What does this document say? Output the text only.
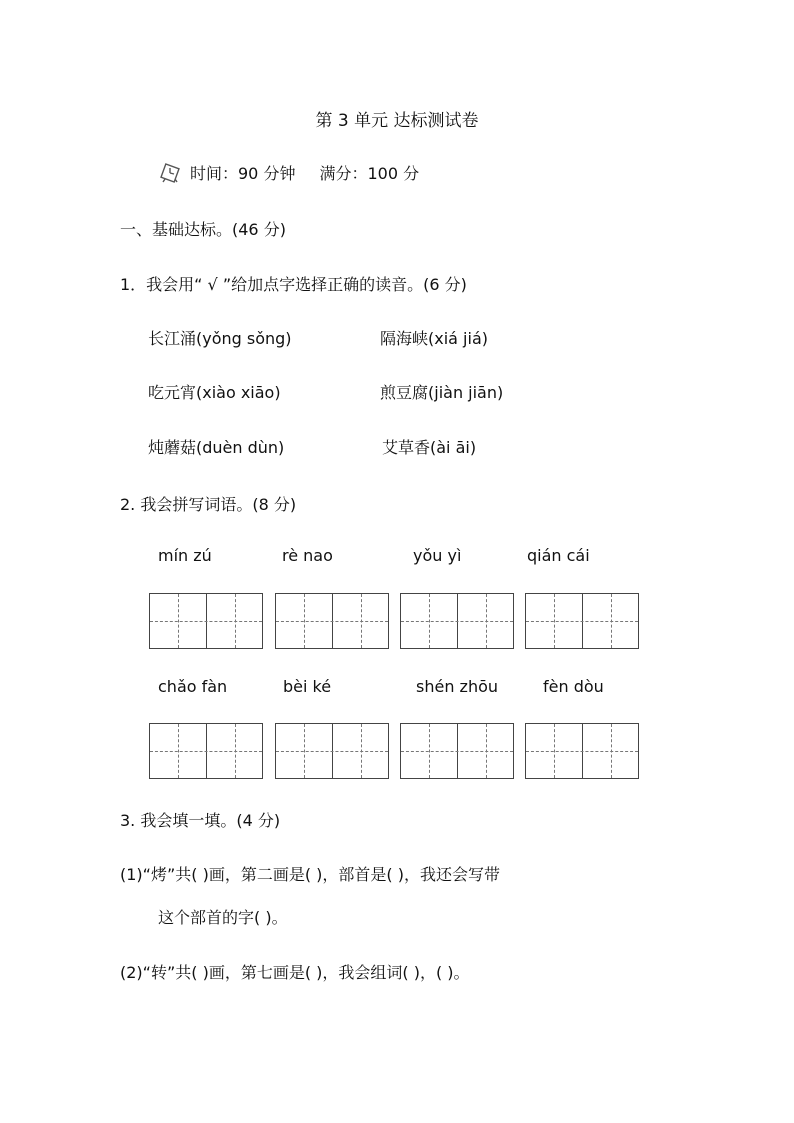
第 3 单元 达标测试卷
时间：90 分钟 满分：100 分
一、基础达标。(46 分)
1．我会用“ √ ”给加点字选择正确的读音。(6 分)
长江涌(yǒng sǒng)	隔海峡(xiá jiá)
吃元宵(xiào xiāo)	煎豆腐(jiàn jiān)
炖蘑菇(duèn dùn)	艾草香(ài āi)
2. 我会拼写词语。(8 分)
mín zú	rè nao	yǒu yì	qián cái
chǎo fàn	bèi ké	shén zhōu	fèn dòu
3. 我会填一填。(4 分)
(1)“烤”共( )画，第二画是( )，部首是( )，我还会写带
这个部首的字( )。
(2)“转”共( )画，第七画是( )，我会组词( )，( )。
